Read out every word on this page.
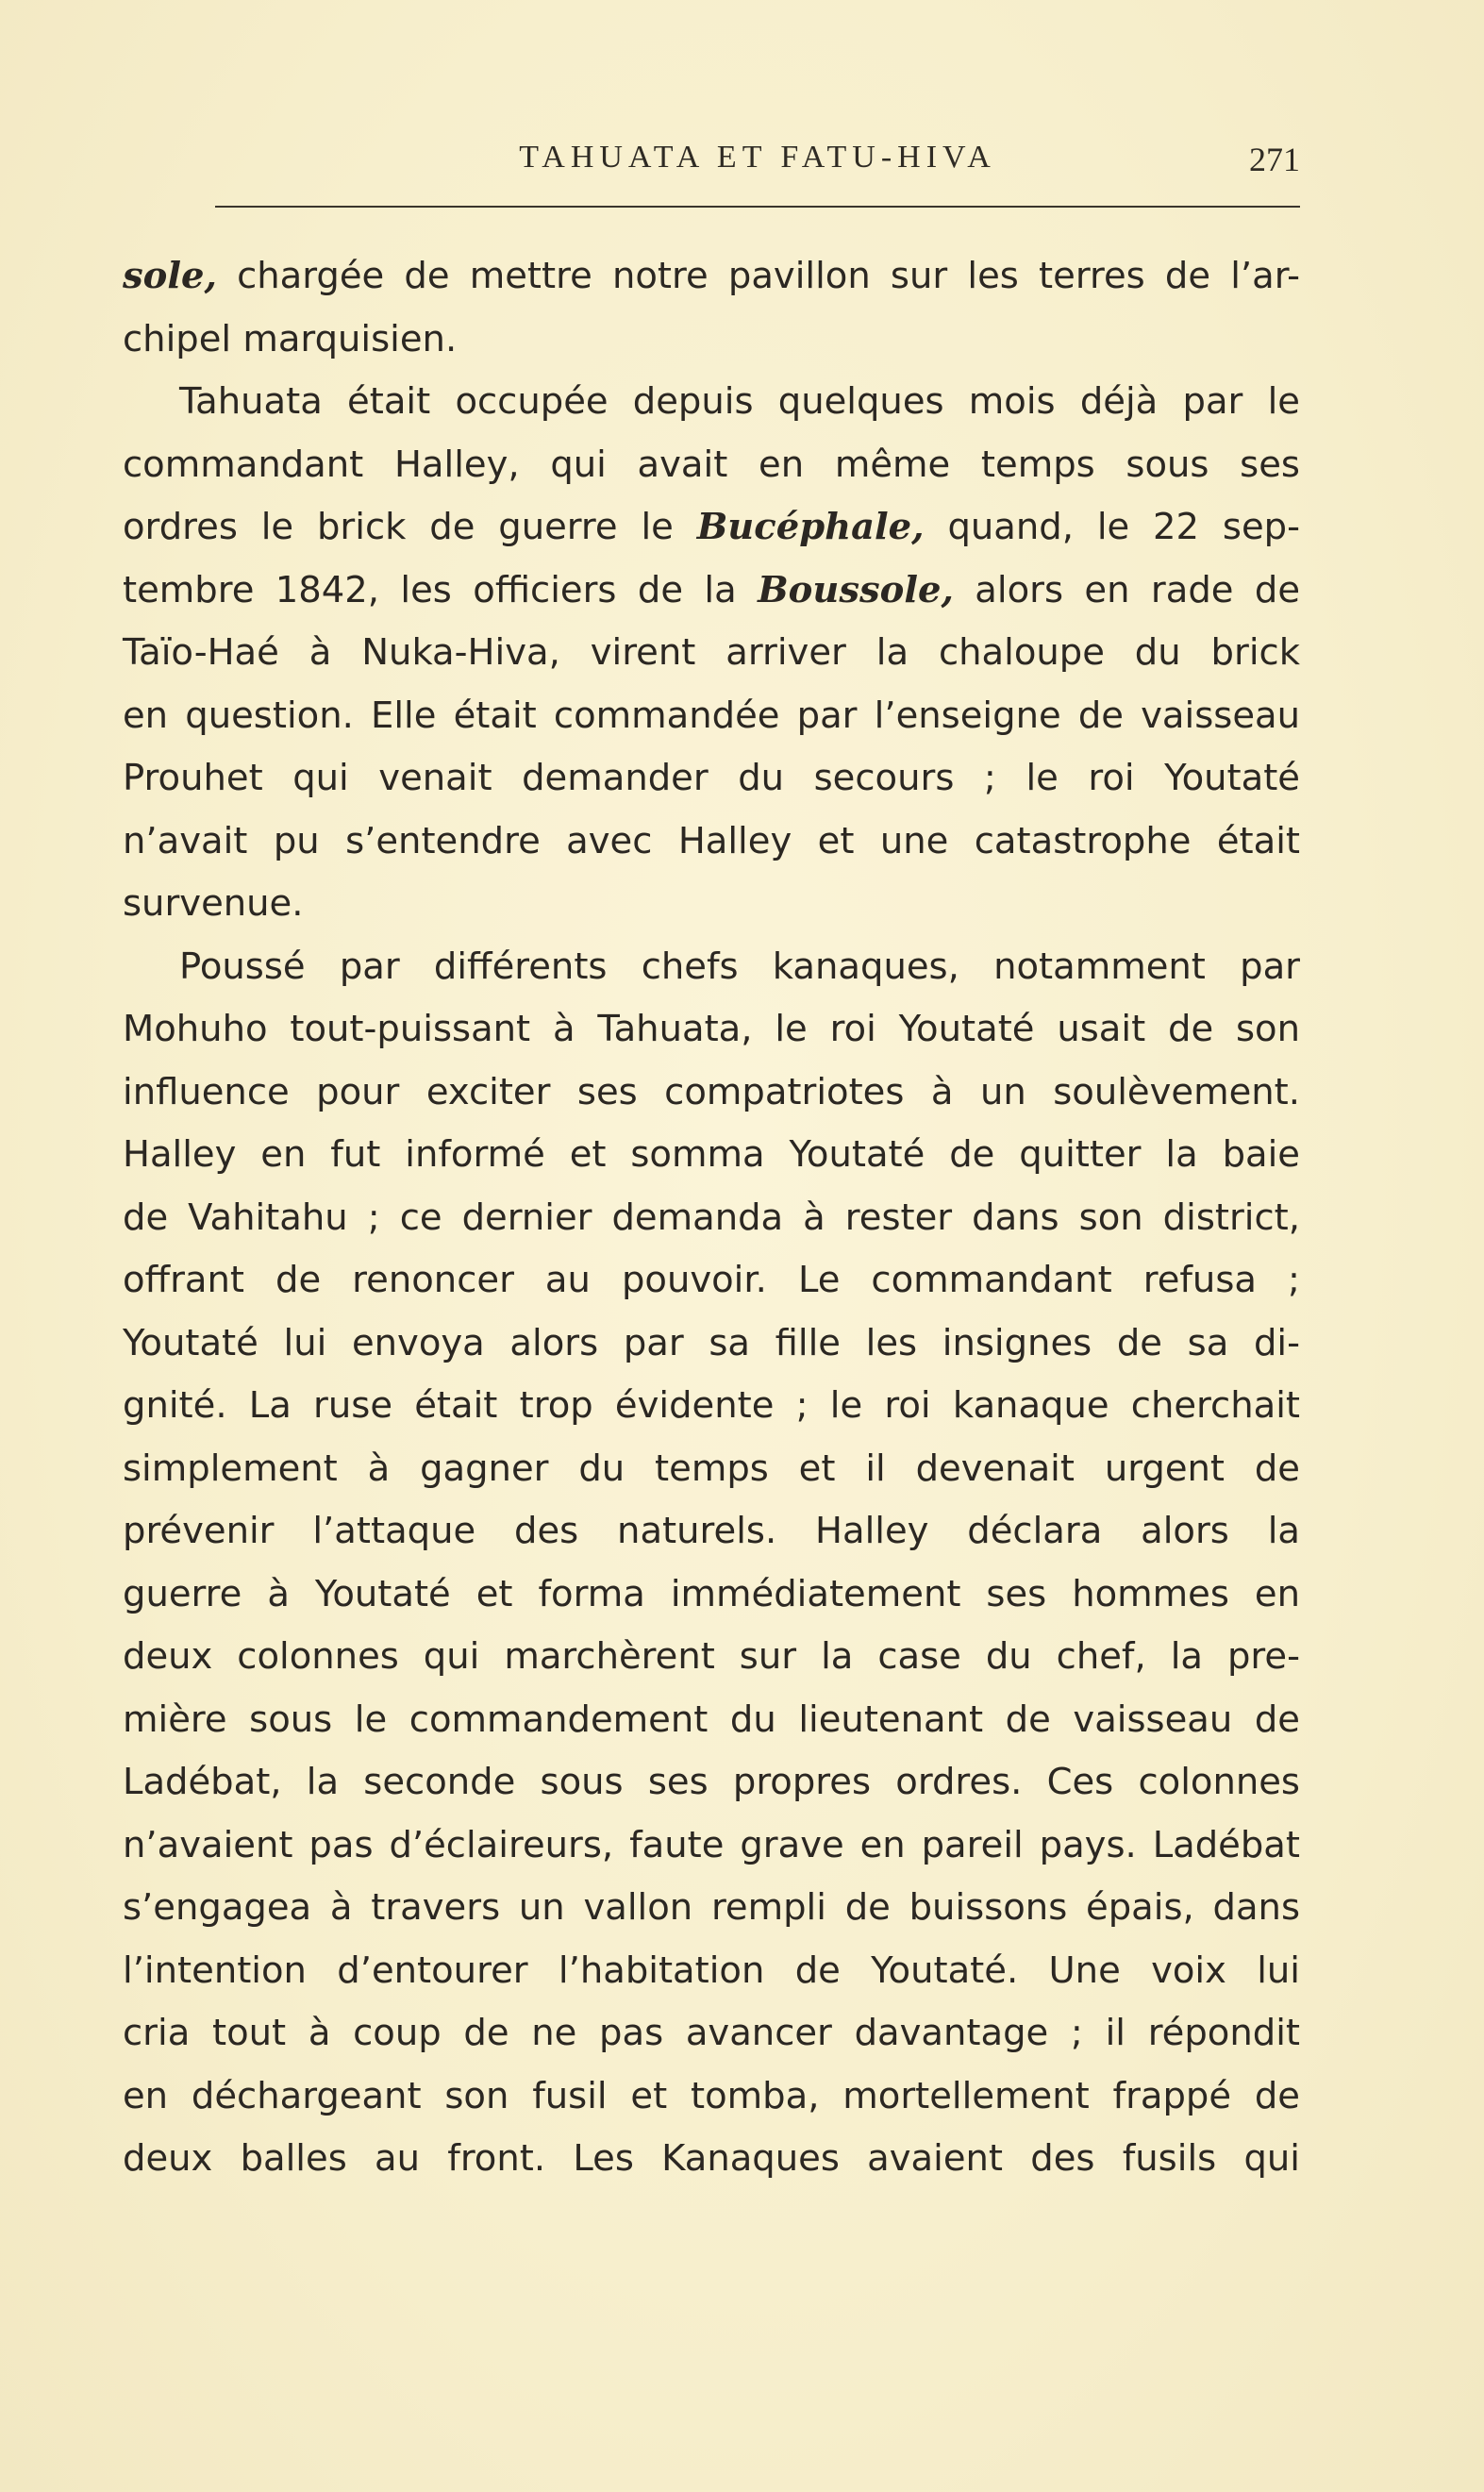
TAHUATA ET FATU-HIVA	271
sole, chargée de mettre notre pavillon sur les terres de l’ar-
chipel marquisien.
Tahuata était occupée depuis quelques mois déjà par le
commandant Halley, qui avait en même temps sous ses
ordres le brick de guerre le Bucéphale, quand, le 22 sep-
tembre 1842, les officiers de la Boussole, alors en rade de
Taïo-Haé à Nuka-Hiva, virent arriver la chaloupe du brick
en question. Elle était commandée par l’enseigne de vaisseau
Prouhet qui venait demander du secours ; le roi Youtaté
n’avait pu s’entendre avec Halley et une catastrophe était
survenue.
Poussé par différents chefs kanaques, notamment par
Mohuho tout-puissant à Tahuata, le roi Youtaté usait de son
influence pour exciter ses compatriotes à un soulèvement.
Halley en fut informé et somma Youtaté de quitter la baie
de Vahitahu ; ce dernier demanda à rester dans son district,
offrant de renoncer au pouvoir. Le commandant refusa ;
Youtaté lui envoya alors par sa fille les insignes de sa di-
gnité. La ruse était trop évidente ; le roi kanaque cherchait
simplement à gagner du temps et il devenait urgent de
prévenir l’attaque des naturels. Halley déclara alors la
guerre à Youtaté et forma immédiatement ses hommes en
deux colonnes qui marchèrent sur la case du chef, la pre-
mière sous le commandement du lieutenant de vaisseau de
Ladébat, la seconde sous ses propres ordres. Ces colonnes
n’avaient pas d’éclaireurs, faute grave en pareil pays. Ladébat
s’engagea à travers un vallon rempli de buissons épais, dans
l’intention d’entourer l’habitation de Youtaté. Une voix lui
cria tout à coup de ne pas avancer davantage ; il répondit
en déchargeant son fusil et tomba, mortellement frappé de
deux balles au front. Les Kanaques avaient des fusils qui
